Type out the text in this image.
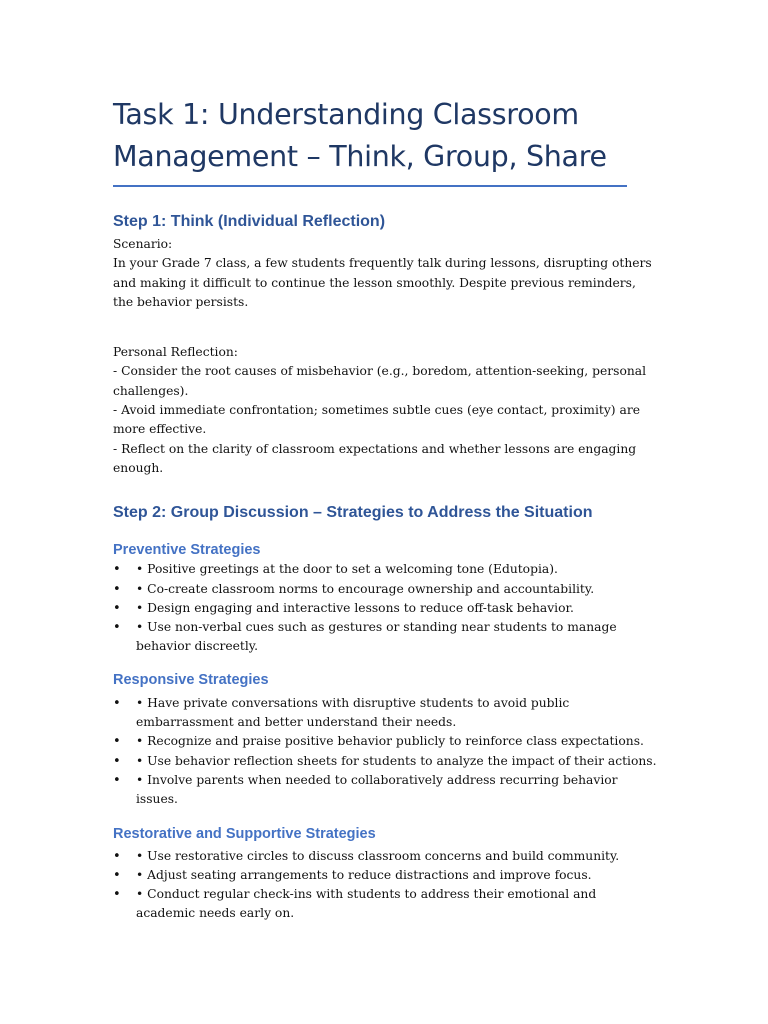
Task 1: Understanding Classroom Management – Think, Group, Share
Step 1: Think (Individual Reflection)

Scenario:

In your Grade 7 class, a few students frequently talk during lessons, disrupting others and making it difficult to continue the lesson smoothly. Despite previous reminders, the behavior persists.

Personal Reflection:

- Consider the root causes of misbehavior (e.g., boredom, attention-seeking, personal challenges).

- Avoid immediate confrontation; sometimes subtle cues (eye contact, proximity) are more effective.

- Reflect on the clarity of classroom expectations and whether lessons are engaging enough.

Step 2: Group Discussion – Strategies to Address the Situation
Preventive Strategies
•	• Positive greetings at the door to set a welcoming tone (Edutopia).
•	• Co-create classroom norms to encourage ownership and accountability.
•	• Design engaging and interactive lessons to reduce off-task behavior.
•	• Use non-verbal cues such as gestures or standing near students to manage behavior discreetly.
Responsive Strategies
•	• Have private conversations with disruptive students to avoid public embarrassment and better understand their needs.
•	• Recognize and praise positive behavior publicly to reinforce class expectations.
•	• Use behavior reflection sheets for students to analyze the impact of their actions.
•	• Involve parents when needed to collaboratively address recurring behavior issues.
Restorative and Supportive Strategies
•	• Use restorative circles to discuss classroom concerns and build community.
•	• Adjust seating arrangements to reduce distractions and improve focus.
•	• Conduct regular check-ins with students to address their emotional and academic needs early on.
